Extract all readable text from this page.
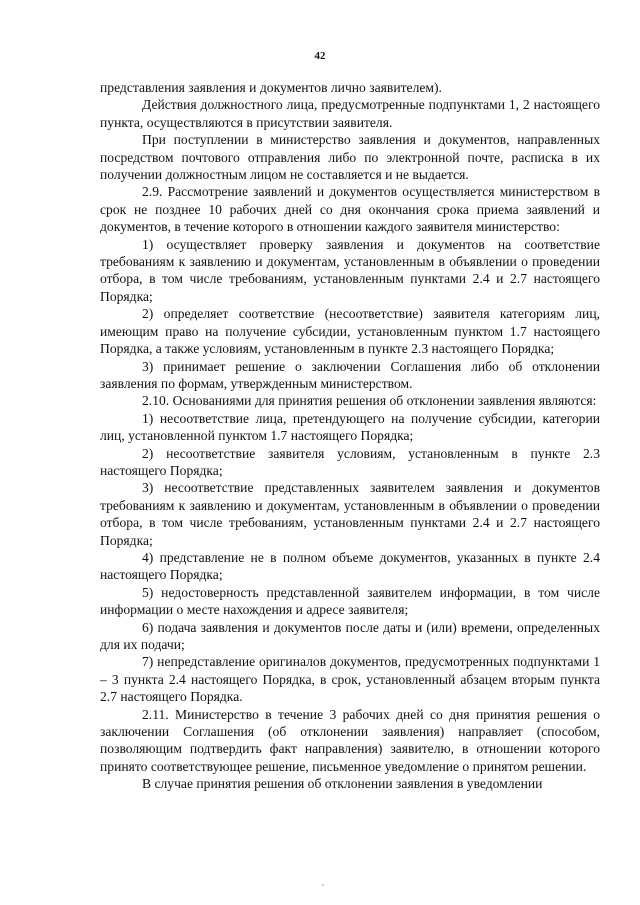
42

представления заявления и документов лично заявителем).

Действия должностного лица, предусмотренные подпунктами 1, 2 настоящего пункта, осуществляются в присутствии заявителя.

При поступлении в министерство заявления и документов, направленных посредством почтового отправления либо по электронной почте, расписка в их получении должностным лицом не составляется и не выдается.

2.9. Рассмотрение заявлений и документов осуществляется министерством в срок не позднее 10 рабочих дней со дня окончания срока приема заявлений и документов, в течение которого в отношении каждого заявителя министерство:

1) осуществляет проверку заявления и документов на соответствие требованиям к заявлению и документам, установленным в объявлении о проведении отбора, в том числе требованиям, установленным пунктами 2.4 и 2.7 настоящего Порядка;

2) определяет соответствие (несоответствие) заявителя категориям лиц, имеющим право на получение субсидии, установленным пунктом 1.7 настоящего Порядка, а также условиям, установленным в пункте 2.3 настоящего Порядка;

3) принимает решение о заключении Соглашения либо об отклонении заявления по формам, утвержденным министерством.

2.10. Основаниями для принятия решения об отклонении заявления являются:

1) несоответствие лица, претендующего на получение субсидии, категории лиц, установленной пунктом 1.7 настоящего Порядка;

2) несоответствие заявителя условиям, установленным в пункте 2.3 настоящего Порядка;

3) несоответствие представленных заявителем заявления и документов требованиям к заявлению и документам, установленным в объявлении о проведении отбора, в том числе требованиям, установленным пунктами 2.4 и 2.7 настоящего Порядка;

4) представление не в полном объеме документов, указанных в пункте 2.4 настоящего Порядка;

5) недостоверность представленной заявителем информации, в том числе информации о месте нахождения и адресе заявителя;

6) подача заявления и документов после даты и (или) времени, определенных для их подачи;

7) непредставление оригиналов документов, предусмотренных подпунктами 1 – 3 пункта 2.4 настоящего Порядка, в срок, установленный абзацем вторым пункта 2.7 настоящего Порядка.

2.11. Министерство в течение 3 рабочих дней со дня принятия решения о заключении Соглашения (об отклонении заявления) направляет (способом, позволяющим подтвердить факт направления) заявителю, в отношении которого принято соответствующее решение, письменное уведомление о принятом решении.

В случае принятия решения об отклонении заявления в уведомлении
